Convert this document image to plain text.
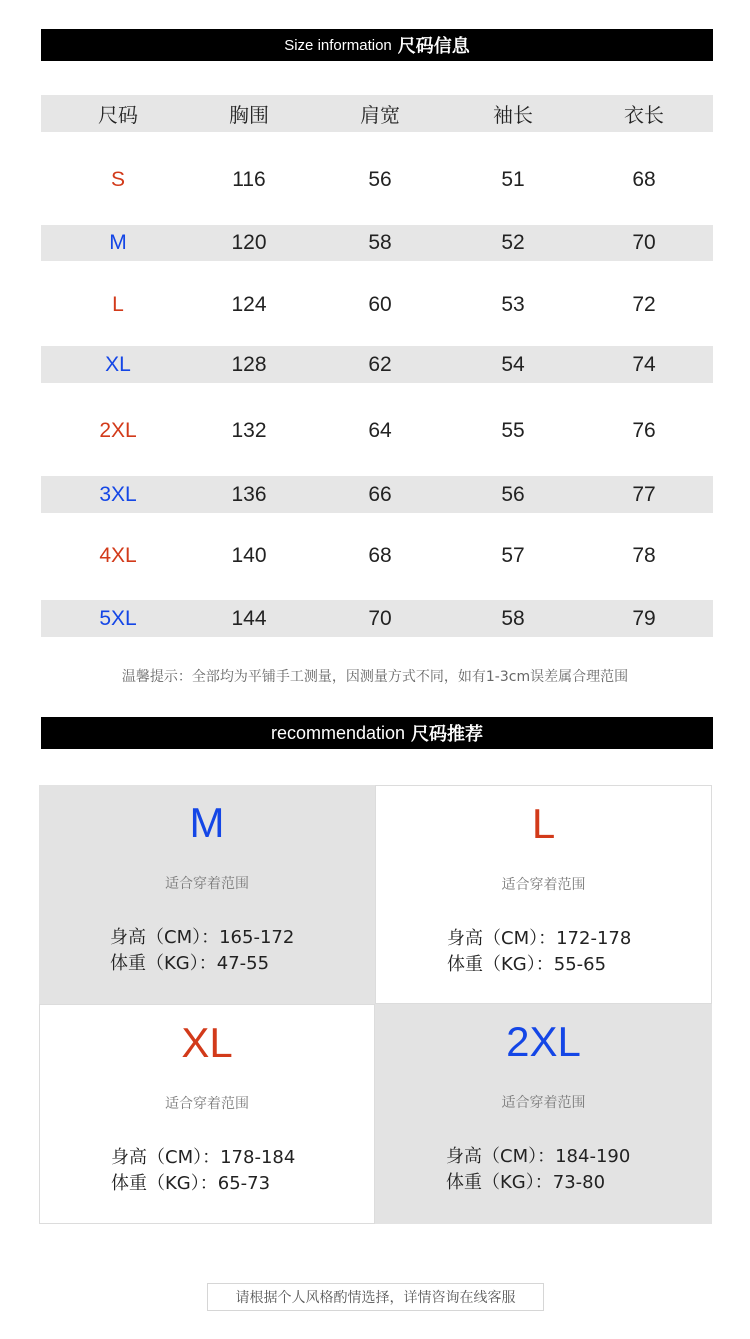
Size information 尺码信息
尺码	胸围	肩宽	袖长	衣长
S	116	56	51	68
M	120	58	52	70
L	124	60	53	72
XL	128	62	54	74
2XL	132	64	55	76
3XL	136	66	56	77
4XL	140	68	57	78
5XL	144	70	58	79
温馨提示：全部均为平铺手工测量，因测量方式不同，如有1-3cm误差属合理范围
recommendation 尺码推荐
M
适合穿着范围
身高（CM）：165-172
体重（KG）：47-55
L
适合穿着范围
身高（CM）：172-178
体重（KG）：55-65
XL
适合穿着范围
身高（CM）：178-184
体重（KG）：65-73
2XL
适合穿着范围
身高（CM）：184-190
体重（KG）：73-80
请根据个人风格酌情选择，详情咨询在线客服
